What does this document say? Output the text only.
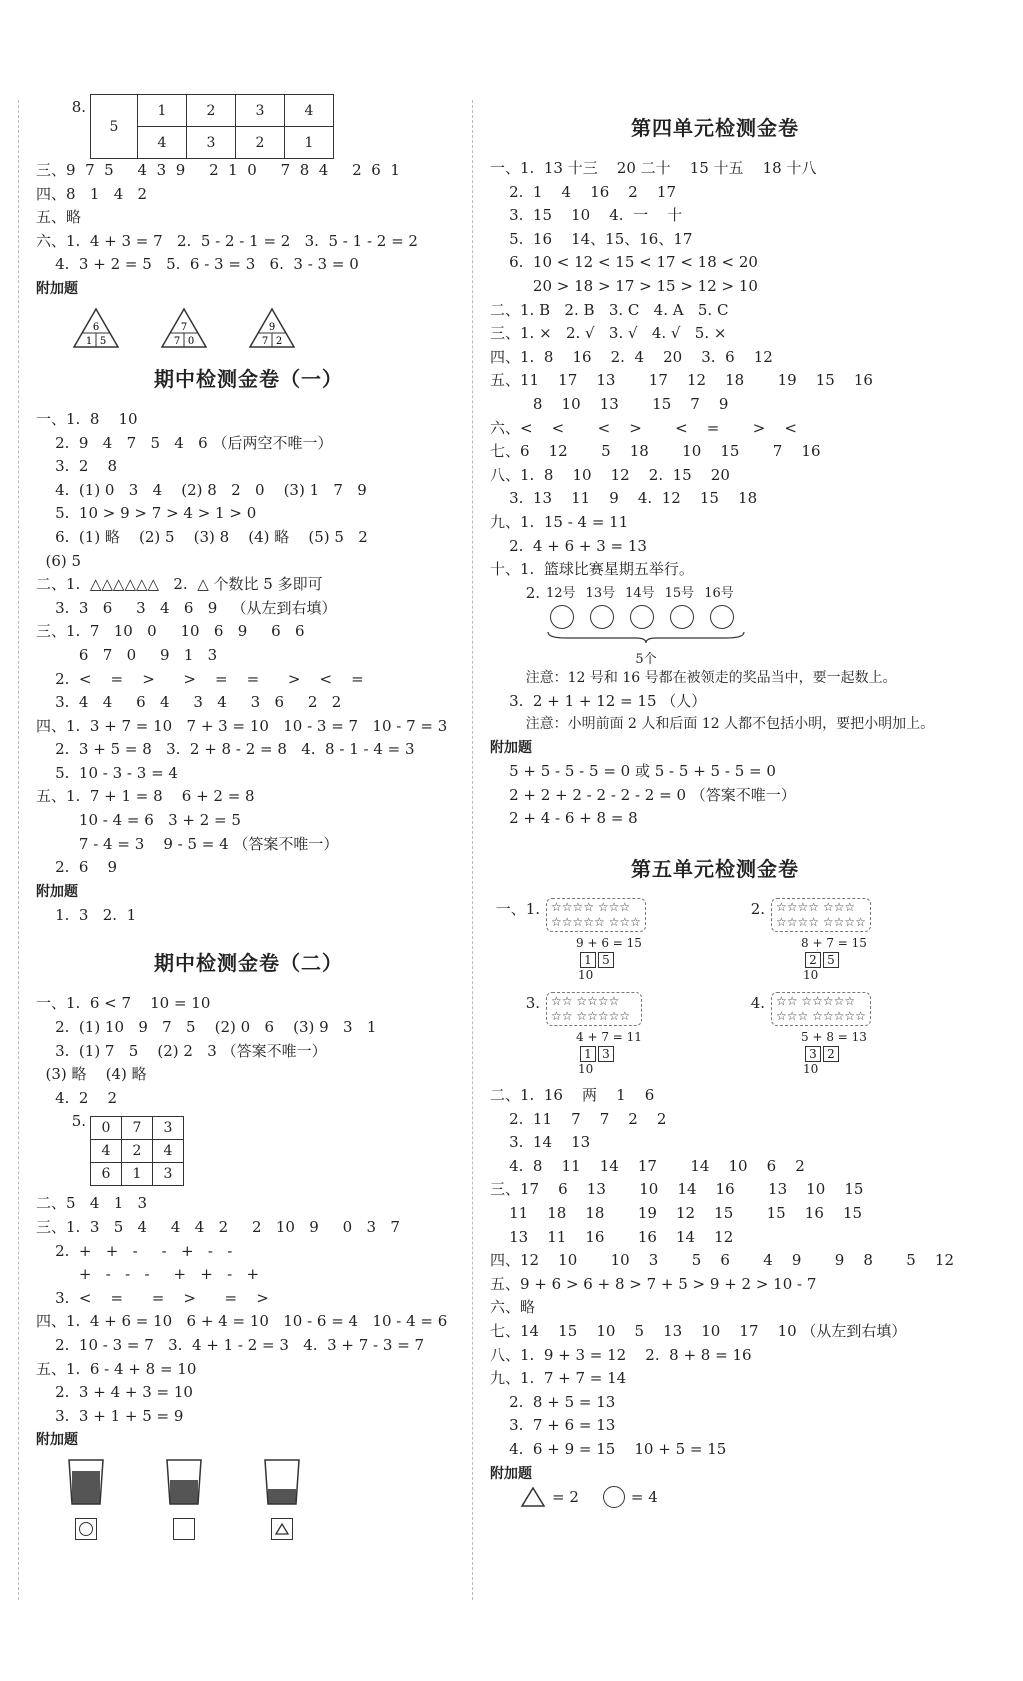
8.
5	1	2	3	4
	4	3	2	1
三、9  7  5     4  3  9     2  1  0     7  8  4     2  6  1
四、8   1   4   2
五、略
六、1.  4 + 3 = 7   2.  5 - 2 - 1 = 2   3.  5 - 1 - 2 = 2
4.  3 + 2 = 5   5.  6 - 3 = 3   6.  3 - 3 = 0
附加题
6
1 5
7
7 0
9
7 2
期中检测金卷（一）
一、1.  8    10
2.  9   4   7   5   4   6 （后两空不唯一）
3.  2    8
4.  (1) 0   3   4    (2) 8   2   0    (3) 1   7   9
5.  10 > 9 > 7 > 4 > 1 > 0
6.  (1) 略    (2) 5    (3) 8    (4) 略    (5) 5   2
(6) 5
二、1.  △△△△△△   2.  △ 个数比 5 多即可
3.  3   6     3   4   6   9   （从左到右填）
三、1.  7   10   0     10   6   9     6   6
6   7   0     9   1   3
2.  <    =    >      >    =    =      >    <    =
3.  4   4     6   4     3   4     3   6     2   2
四、1.  3 + 7 = 10   7 + 3 = 10   10 - 3 = 7   10 - 7 = 3
2.  3 + 5 = 8   3.  2 + 8 - 2 = 8   4.  8 - 1 - 4 = 3
5.  10 - 3 - 3 = 4
五、1.  7 + 1 = 8    6 + 2 = 8
10 - 4 = 6   3 + 2 = 5
7 - 4 = 3    9 - 5 = 4 （答案不唯一）
2.  6    9
附加题
1.  3   2.  1
期中检测金卷（二）
一、1.  6 < 7    10 = 10
2.  (1) 10   9   7   5    (2) 0   6    (3) 9   3   1
3.  (1) 7   5    (2) 2   3 （答案不唯一）
(3) 略    (4) 略
4.  2    2
5. 0	7	3
4	2	4
6	1	3
二、5   4   1   3
三、1.  3   5   4     4   4   2     2   10   9     0   3   7
2.  +   +   -     -   +   -   -
+   -   -   -     +   +   -   +
3.  <    =      =    >      =    >
四、1.  4 + 6 = 10   6 + 4 = 10   10 - 6 = 4   10 - 4 = 6
2.  10 - 3 = 7   3.  4 + 1 - 2 = 3   4.  3 + 7 - 3 = 7
五、1.  6 - 4 + 8 = 10
2.  3 + 4 + 3 = 10
3.  3 + 1 + 5 = 9
附加题
第四单元检测金卷
一、1.  13 十三    20 二十    15 十五    18 十八
2.  1    4    16    2    17
3.  15    10    4.  一    十
5.  16    14、15、16、17
6.  10 < 12 < 15 < 17 < 18 < 20
20 > 18 > 17 > 15 > 12 > 10
二、1. B   2. B   3. C   4. A   5. C
三、1. ×   2. √   3. √   4. √   5. ×
四、1.  8    16    2.  4    20    3.  6    12
五、11    17    13       17    12    18       19    15    16
8    10    13       15    7    9
六、<    <       <    >       <    =       >    <
七、6    12       5    18       10    15       7    16
八、1.  8    10    12    2.  15    20
3.  13    11    9    4.  12    15    18
九、1.  15 - 4 = 11
2.  4 + 6 + 3 = 13
十、1.  篮球比赛星期五举行。
2. 12号 13号 14号 15号 16号
5个
注意：12 号和 16 号都在被领走的奖品当中，要一起数上。
3.  2 + 1 + 12 = 15 （人）
注意：小明前面 2 人和后面 12 人都不包括小明，要把小明加上。
附加题
5 + 5 - 5 - 5 = 0 或 5 - 5 + 5 - 5 = 0
2 + 2 + 2 - 2 - 2 - 2 = 0 （答案不唯一）
2 + 4 - 6 + 8 = 8
第五单元检测金卷
一、1. ☆☆☆☆ ☆☆☆
☆☆☆☆☆ ☆☆☆
9 + 6 = 15
1 5
10
2. ☆☆☆☆ ☆☆☆
☆☆☆☆ ☆☆☆☆
8 + 7 = 15
2 5
10
3. ☆☆ ☆☆☆☆
☆☆ ☆☆☆☆☆
4 + 7 = 11
1 3
10
4. ☆☆ ☆☆☆☆☆
☆☆☆ ☆☆☆☆☆
5 + 8 = 13
3 2
10
二、1.  16    两    1    6
2.  11    7    7    2    2
3.  14    13
4.  8    11    14    17       14    10    6    2
三、17    6    13       10    14    16       13    10    15
11    18    18       19    12    15       15    16    15
13    11    16       16    14    12
四、12    10       10    3       5    6       4    9       9    8       5    12
五、9 + 6 > 6 + 8 > 7 + 5 > 9 + 2 > 10 - 7
六、略
七、14    15    10    5    13    10    17    10 （从左到右填）
八、1.  9 + 3 = 12    2.  8 + 8 = 16
九、1.  7 + 7 = 14
2.  8 + 5 = 13
3.  7 + 6 = 13
4.  6 + 9 = 15    10 + 5 = 15
附加题
= 2	= 4
